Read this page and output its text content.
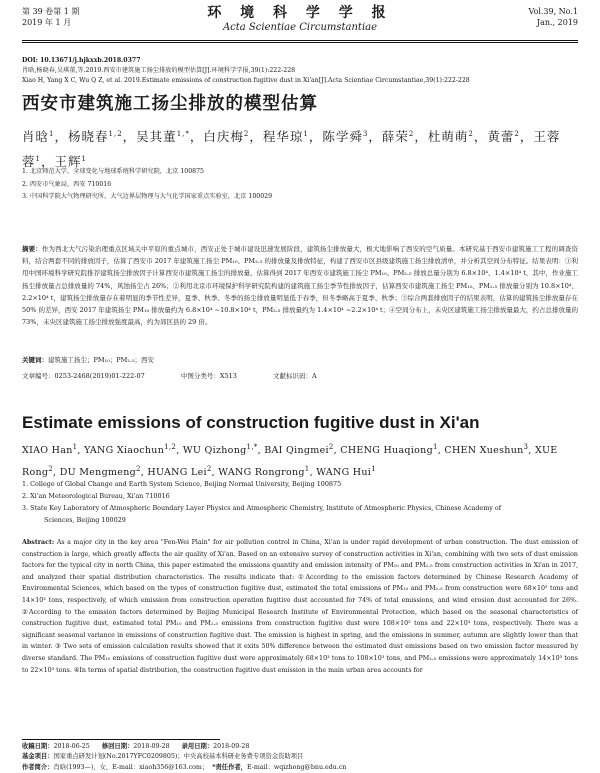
第 39 卷第 1 期
2019 年 1 月
环 境 科 学 学 报
Acta Scientiae Circumstantiae
Vol.39, No.1
Jan., 2019
DOI: 10.13671/j.hjkxxb.2018.0377
肖晗,杨晓春,吴琪董,等.2019.西安市建筑施工扬尘排放的模型估算[J].环境科学学报,39(1):222-228
Xiao H, Yang X C, Wu Q Z, et al. 2019.Estimate emissions of construction fugitive dust in Xi'an[J].Acta Scientiae Circumstantiae,39(1):222-228
西安市建筑施工扬尘排放的模型估算
肖晗$^1$，杨晓春$^{1,2}$，吴其董$^{1,*}$，白庆梅$^2$，程华琼$^1$，陈学舜$^3$，薛荣$^2$，杜萌萌$^2$，黄蕾$^2$，王蓉蓉$^1$，王辉$^1$
1. 北京师范大学，全球变化与地球系统科学研究院，北京 100875
2. 西安市气象局，西安 710016
3. 中国科学院大气物理研究所，大气边界层物理与大气化学国家重点实验室，北京 100029
摘要：作为西北大气污染治理重点区域关中平原的重点城市，西安正处于城市建设迅速发展阶段，建筑扬尘排放量大，极大地影响了西安的空气质量。本研究基于西安市建筑施工工程的调查资料，结合两套不同的排放因子，估算了西安市 2017 年建筑施工扬尘 PM₁₀、PM₂.₅ 的排放量及排放特征，构建了西安市区县级建筑施工扬尘排放清单，并分析其空间分布特征。结果表明：①利用中国环境科学研究院推荐建筑扬尘排放因子计算西安市建筑施工扬尘的排放量，估算得到 2017 年西安市建筑施工扬尘 PM₁₀、PM₂.₅ 排放总量分别为 6.8×10⁴、1.4×10⁴ t，其中，作业施工扬尘排放量占总排放量的 74%，风蚀扬尘占 26%；②利用北京市环境保护科学研究院构建的建筑施工扬尘季节性排放因子，估算西安市建筑施工扬尘 PM₁₀、PM₂.₅ 排放量分别为 10.8×10⁴、2.2×10⁴ t，建筑扬尘排放量存在着明显的季节性差异，夏季、秋季、冬季的扬尘排放量明显低于春季，但冬季略高于夏季、秋季；③综合两套排放因子的结果表明，估算的建筑扬尘排放量存在 50% 的差异，西安 2017 年建筑扬尘 PM₁₀ 排放量约为 6.8×10⁴ ~10.8×10⁴ t，PM₂.₅ 排放量约为 1.4×10⁴ ~2.2×10⁴ t；④空间分布上，未央区建筑施工扬尘排放量最大，约占总排放量的 73%，未央区建筑施工扬尘排放强度最高，约为郊区县的 29 倍。
关键词：建筑施工扬尘；PM₁₀；PM₂.₅；西安
文章编号：0253-2468(2019)01-222-07	中图分类号：X513	文献标识码：A
Estimate emissions of construction fugitive dust in Xi'an
XIAO Han$^1$, YANG Xiaochun$^{1,2}$, WU Qizhong$^{1,*}$, BAI Qingmei$^2$, CHENG Huaqiong$^1$, CHEN Xueshun$^3$, XUE Rong$^2$, DU Mengmeng$^2$, HUANG Lei$^2$, WANG Rongrong$^1$, WANG Hui$^1$
1. College of Global Change and Earth System Science, Beijing Normal University, Beijing 100875
2. Xi'an Meteorological Bureau, Xi'an 710016
3. State Key Laboratory of Atmospheric Boundary Layer Physics and Atmospheric Chemistry, Institute of Atmospheric Physics, Chinese Academy of
Sciences, Beijing 100029
Abstract: As a major city in the key area "Fen-Wei Plain" for air pollution control in China, Xi'an is under rapid development of urban construction. The dust emission of construction is large, which greatly affects the air quality of Xi'an. Based on an extensive survey of construction activities in Xi'an, combining with two sets of dust emission factors for the typical city in north China, this paper estimated the emissions quantity and emission intensity of PM₁₀ and PM₂.₅ from construction activities in Xi'an in 2017, and analyzed their spatial distribution characteristics. The results indicate that: ①According to the emission factors determined by Chinese Research Academy of Environmental Sciences, which based on the types of construction fugitive dust, estimated the total emissions of PM₁₀ and PM₂.₅ from construction were 68×10³ tons and 14×10³ tons, respectively, of which emission from construction operation fugitive dust accounted for 74% of total emissions, and wind erosion dust accounted for 26%. ②According to the emission factors determined by Beijing Municipal Research Institute of Environmental Protection, which based on the seasonal characteristics of construction fugitive dust, estimated total PM₁₀ and PM₂.₅ emissions from construction fugitive dust were 108×10³ tons and 22×10³ tons, respectively. There was a significant seasonal variance in emissions of construction fugitive dust. The emission is highest in spring, and the emissions in summer, autumn are slightly lower than that in winter. ③ Two sets of emission calculation results showed that it exits 50% difference between the estimated dust emissions based on two emission factor measured by diverse standard. The PM₁₀ emissions of construction fugitive dust were approximately 68×10³ tons to 108×10³ tons, and PM₂.₅ emissions were approximately 14×10³ tons to 22×10³ tons. ④In terms of spatial distribution, the construction fugitive dust emission in the main urban area accounts for
收稿日期：2018-06-25 修回日期：2018-09-28 录用日期：2018-09-28
基金项目：国家重点研发计划(No.2017YFC0209805)；中央高校基本科研业务费专项资金资助项目
作者简介：肖晗(1993—)，女，E-mail：xiaoh356@163.com； *责任作者，E-mail：wqizhong@bnu.edu.cn
